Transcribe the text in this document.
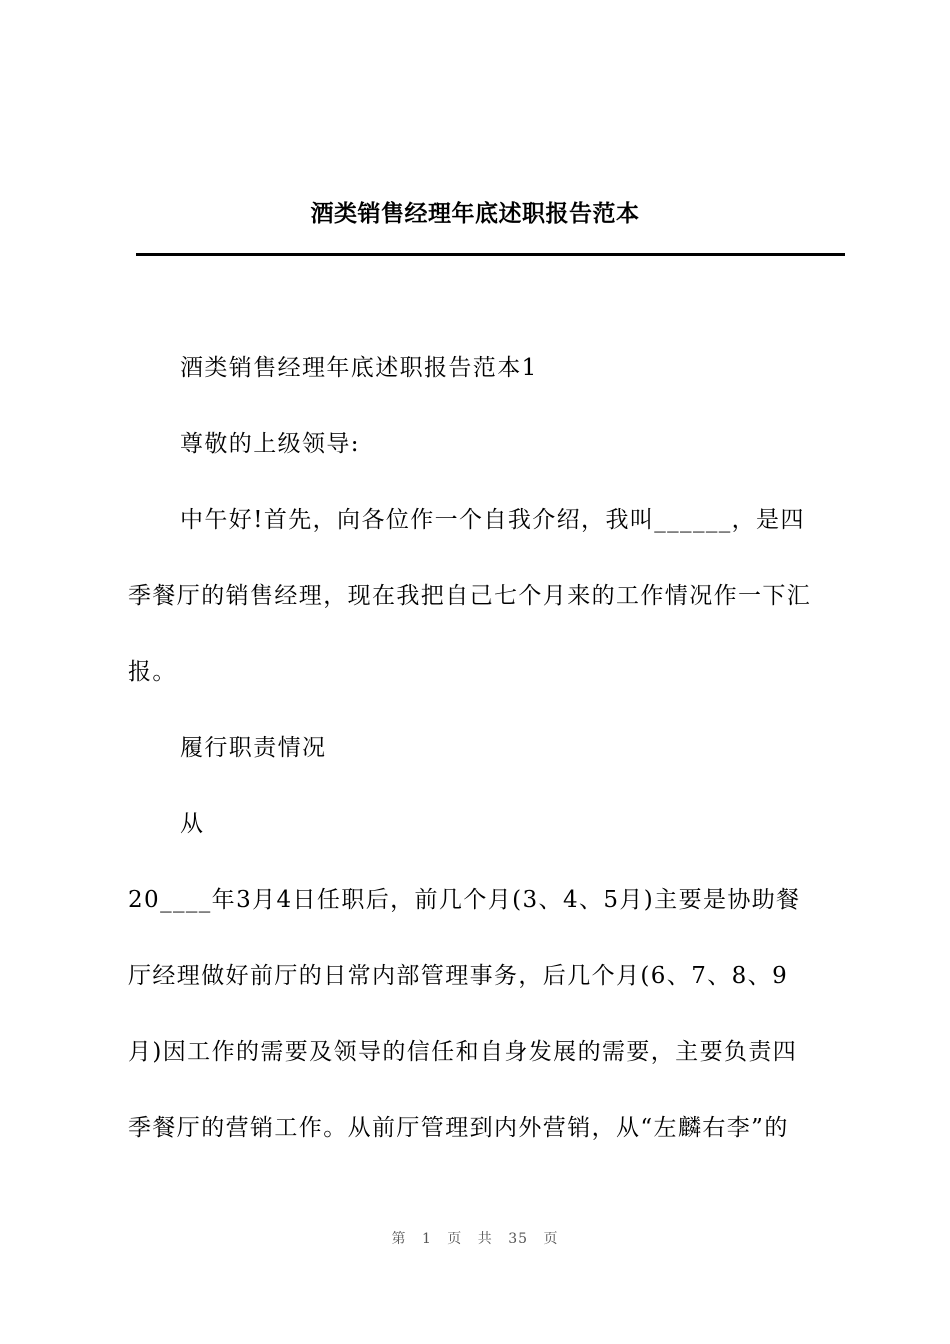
酒类销售经理年底述职报告范本
酒类销售经理年底述职报告范本1
尊敬的上级领导:
中午好!首先，向各位作一个自我介绍，我叫______，是四
季餐厅的销售经理，现在我把自己七个月来的工作情况作一下汇
报。
履行职责情况
从
20____年3月4日任职后，前几个月(3、4、5月)主要是协助餐
厅经理做好前厅的日常内部管理事务，后几个月(6、7、8、9
月)因工作的需要及领导的信任和自身发展的需要，主要负责四
季餐厅的营销工作。从前厅管理到内外营销，从“左麟右李”的
第 1 页 共 35 页
